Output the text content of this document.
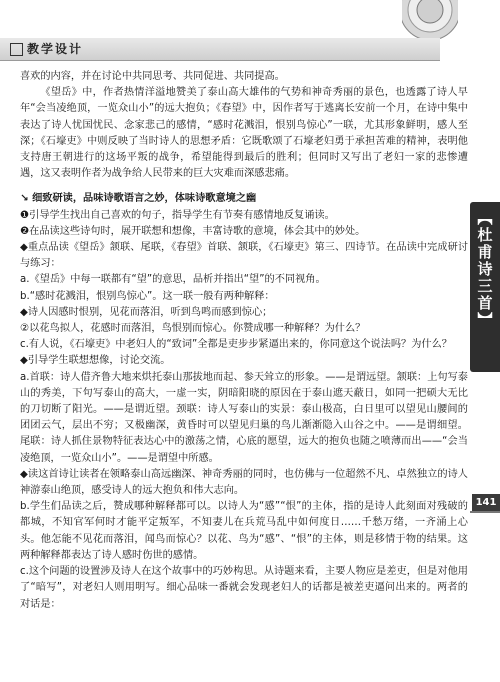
教学设计

喜欢的内容，并在讨论中共同思考、共同促进、共同提高。

《望岳》中，作者热情洋溢地赞美了泰山高大雄伟的气势和神奇秀丽的景色，也透露了诗人早年“会当凌绝顶，一览众山小”的远大抱负；《春望》中，因作者写于逃离长安前一个月，在诗中集中表达了诗人忧国忧民、念家悲己的感情，“感时花溅泪，恨别鸟惊心”一联，尤其形象鲜明，感人至深；《石壕吏》中则反映了当时诗人的思想矛盾：它既歌颂了石壕老妇勇于承担苦难的精神，表明他支持唐王朝进行的这场平叛的战争，希望能得到最后的胜利；但同时又写出了老妇一家的悲惨遭遇，这又表明作者为战争给人民带来的巨大灾难而深感悲痛。

↘ 细致研读，品味诗歌语言之妙，体味诗歌意境之幽

❶引导学生找出自己喜欢的句子，指导学生有节奏有感情地反复诵读。

❷在品读这些诗句时，展开联想和想像，丰富诗歌的意境，体会其中的妙处。

◆重点品读《望岳》颔联、尾联，《春望》首联、颔联，《石壕吏》第三、四诗节。在品读中完成研讨与练习：

a.《望岳》中每一联都有“望”的意思，品析并指出“望”的不同视角。

b.“感时花溅泪，恨别鸟惊心”。这一联一般有两种解释：

◆诗人因感时恨别，见花而落泪，听到鸟鸣而感到惊心；

②以花鸟拟人，花感时而落泪，鸟恨别而惊心。你赞成哪一种解释？为什么？

c.有人说，《石壕吏》中老妇人的“致词”全都是吏步步紧逼出来的，你同意这个说法吗？为什么？

◆引导学生联想想像，讨论交流。

a.首联：诗人借齐鲁大地来烘托泰山那拔地而起、参天耸立的形象。——是谓远望。颔联：上句写泰山的秀美，下句写泰山的高大，一虚一实，阴暗阳晓的原因在于泰山遮天蔽日，如同一把硕大无比的刀切断了阳光。——是谓近望。颈联：诗人写泰山的实景：泰山极高，白日里可以望见山腰间的团团云气，层出不穷；又极幽深，黄昏时可以望见归巢的鸟儿渐渐隐入山谷之中。——是谓细望。尾联：诗人抓住景物特征表达心中的激荡之情，心底的愿望，远大的抱负也随之喷薄而出——“会当凌绝顶，一览众山小”。——是谓望中所感。

◆读这首诗让读者在领略泰山高远幽深、神奇秀丽的同时，也仿佛与一位超然不凡、卓然独立的诗人神游泰山绝顶，感受诗人的远大抱负和伟大志向。

b.学生们品读之后，赞成哪种解释都可以。以诗人为“感”“恨”的主体，指的是诗人此刻面对残破的都城，不知官军何时才能平定叛军，不知妻儿在兵荒马乱中如何度日……千愁万绪，一齐涌上心头。他怎能不见花而落泪，闻鸟而惊心？以花、鸟为“感”、“恨”的主体，则是移情于物的结果。这两种解释都表达了诗人感时伤世的感情。

c.这个问题的设置涉及诗人在这个故事中的巧妙构思。从诗题来看，主要人物应是差吏，但是对他用了“暗写”，对老妇人则用明写。细心品味一番就会发现老妇人的话都是被差吏逼问出来的。两者的对话是：

【杜甫诗三首】
141
